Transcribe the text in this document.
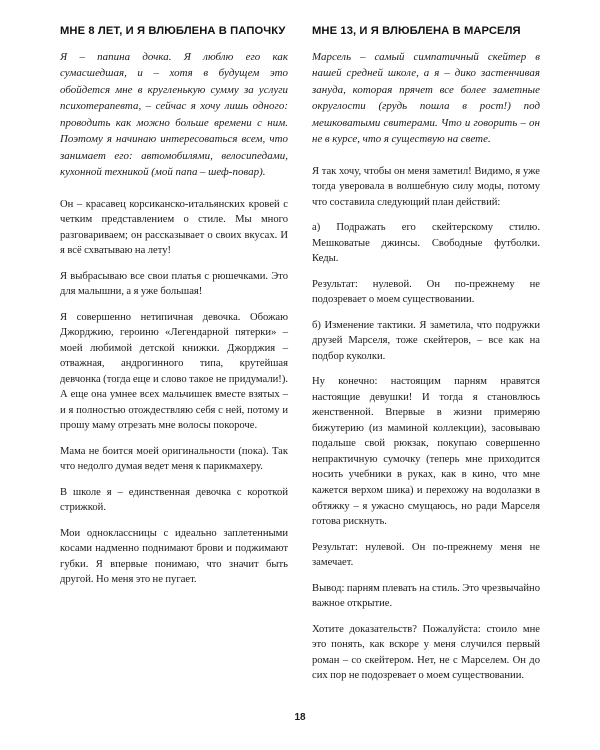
МНЕ 8 ЛЕТ, И Я ВЛЮБЛЕНА В ПАПОЧКУ

Я – папина дочка. Я люблю его как сумасшедшая, и – хотя в будущем это обойдется мне в кругленькую сумму за услуги психотерапевта, – сейчас я хочу лишь одного: проводить как можно больше времени с ним. Поэтому я начинаю интересоваться всем, что занимает его: автомобилями, велосипедами, кухонной техникой (мой папа – шеф-повар).

Он – красавец корсиканско-итальянских кровей с четким представлением о стиле. Мы много разговариваем; он рассказывает о своих вкусах. И я всё схватываю на лету!

Я выбрасываю все свои платья с рюшечками. Это для малышни, а я уже большая!

Я совершенно нетипичная девочка. Обожаю Джорджию, героиню «Легендарной пятерки» – моей любимой детской книжки. Джорджия – отважная, андрогинного типа, крутейшая девчонка (тогда еще и слово такое не придумали!). А еще она умнее всех мальчишек вместе взятых – и я полностью отождествляю себя с ней, потому и прошу маму отрезать мне волосы покороче.

Мама не боится моей оригинальности (пока). Так что недолго думая ведет меня к парикмахеру.

В школе я – единственная девочка с короткой стрижкой.

Мои одноклассницы с идеально заплетенными косами надменно поднимают брови и поджимают губки. Я впервые понимаю, что значит быть другой. Но меня это не пугает.

МНЕ 13, И Я ВЛЮБЛЕНА В МАРСЕЛЯ

Марсель – самый симпатичный скейтер в нашей средней школе, а я – дико застенчивая зануда, которая прячет все более заметные округлости (грудь пошла в рост!) под мешковатыми свитерами. Что и говорить – он не в курсе, что я существую на свете.

Я так хочу, чтобы он меня заметил! Видимо, я уже тогда уверовала в волшебную силу моды, потому что составила следующий план действий:

а) Подражать его скейтерскому стилю. Мешковатые джинсы. Свободные футболки. Кеды.

Результат: нулевой. Он по-прежнему не подозревает о моем существовании.

б) Изменение тактики. Я заметила, что подружки друзей Марселя, тоже скейтеров, – все как на подбор куколки.

Ну конечно: настоящим парням нравятся настоящие девушки! И тогда я становлюсь женственной. Впервые в жизни примеряю бижутерию (из маминой коллекции), засовываю подальше свой рюкзак, покупаю совершенно непрактичную сумочку (теперь мне приходится носить учебники в руках, как в кино, что мне кажется верхом шика) и перехожу на водолазки в обтяжку – я ужасно смущаюсь, но ради Марселя готова рискнуть.

Результат: нулевой. Он по-прежнему меня не замечает.

Вывод: парням плевать на стиль. Это чрезвычайно важное открытие.

Хотите доказательств? Пожалуйста: стоило мне это понять, как вскоре у меня случился первый роман – со скейтером. Нет, не с Марселем. Он до сих пор не подозревает о моем существовании.

18
